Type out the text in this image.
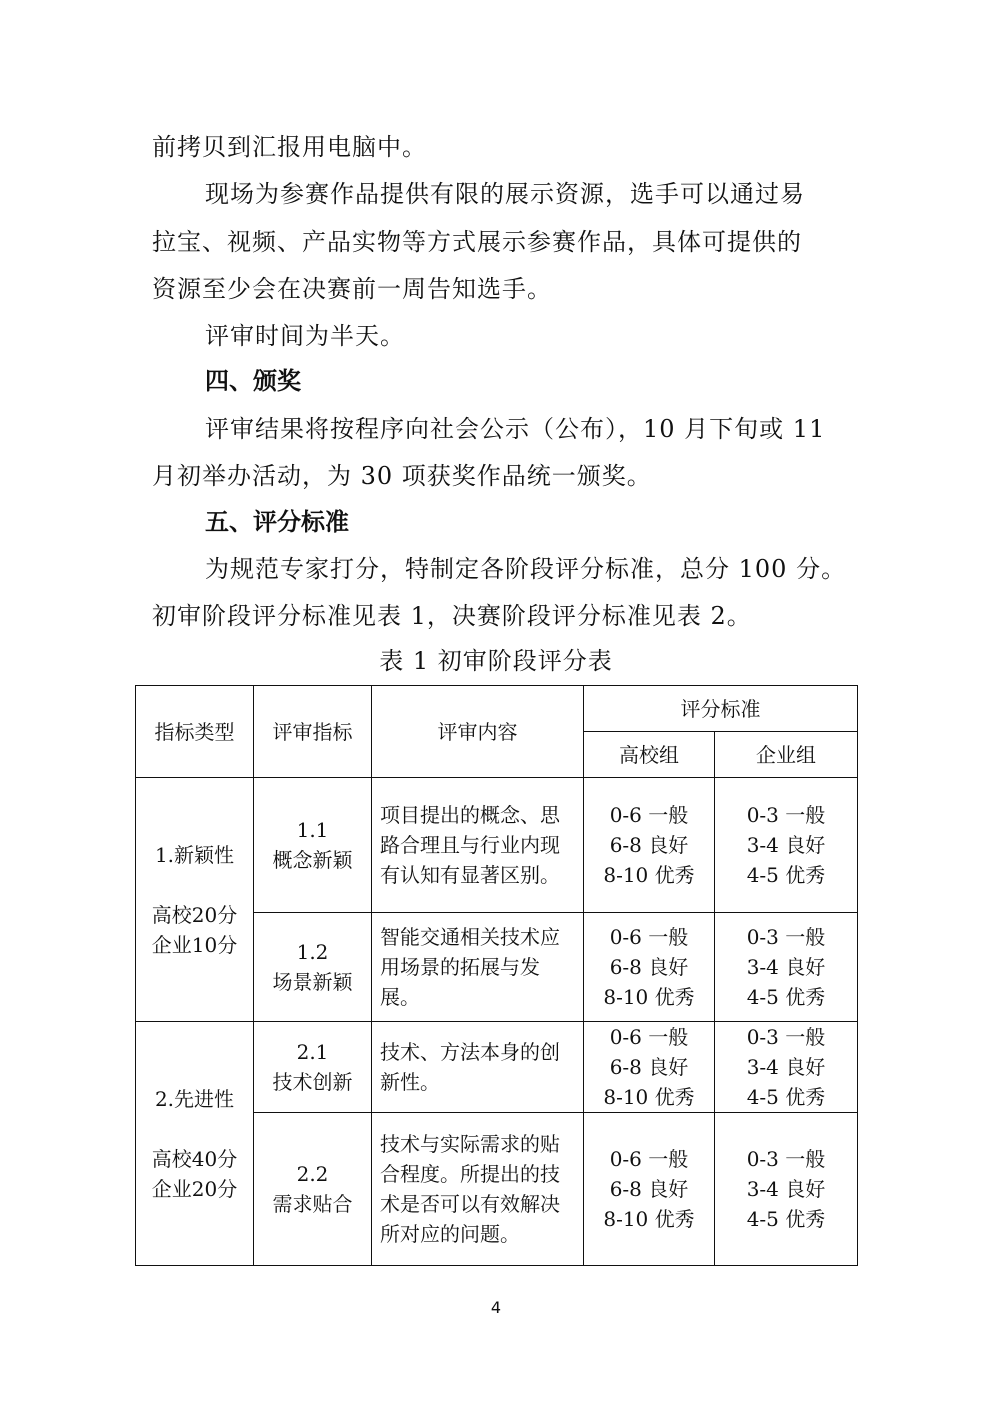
前拷贝到汇报用电脑中。
现场为参赛作品提供有限的展示资源，选手可以通过易
拉宝、视频、产品实物等方式展示参赛作品，具体可提供的
资源至少会在决赛前一周告知选手。
评审时间为半天。
四、颁奖
评审结果将按程序向社会公示（公布），10 月下旬或 11
月初举办活动，为 30 项获奖作品统一颁奖。
五、评分标准
为规范专家打分，特制定各阶段评分标准，总分 100 分。
初审阶段评分标准见表 1，决赛阶段评分标准见表 2。
表 1 初审阶段评分表
指标类型	评审指标	评审内容	评分标准	
			高校组	企业组

1.新颖性
高校20分
企业10分	1.1
概念新颖	项目提出的概念、思路合理且与行业内现有认知有显著区别。	0-6 一般
6-8 良好
8-10 优秀	0-3 一般
3-4 良好
4-5 优秀

	1.2
场景新颖	智能交通相关技术应用场景的拓展与发展。	0-6 一般
6-8 良好
8-10 优秀	0-3 一般
3-4 良好
4-5 优秀

2.先进性
高校40分
企业20分	2.1
技术创新	技术、方法本身的创新性。	0-6 一般
6-8 良好
8-10 优秀	0-3 一般
3-4 良好
4-5 优秀

	2.2
需求贴合	技术与实际需求的贴合程度。所提出的技术是否可以有效解决所对应的问题。	0-6 一般
6-8 良好
8-10 优秀	0-3 一般
3-4 良好
4-5 优秀
4
